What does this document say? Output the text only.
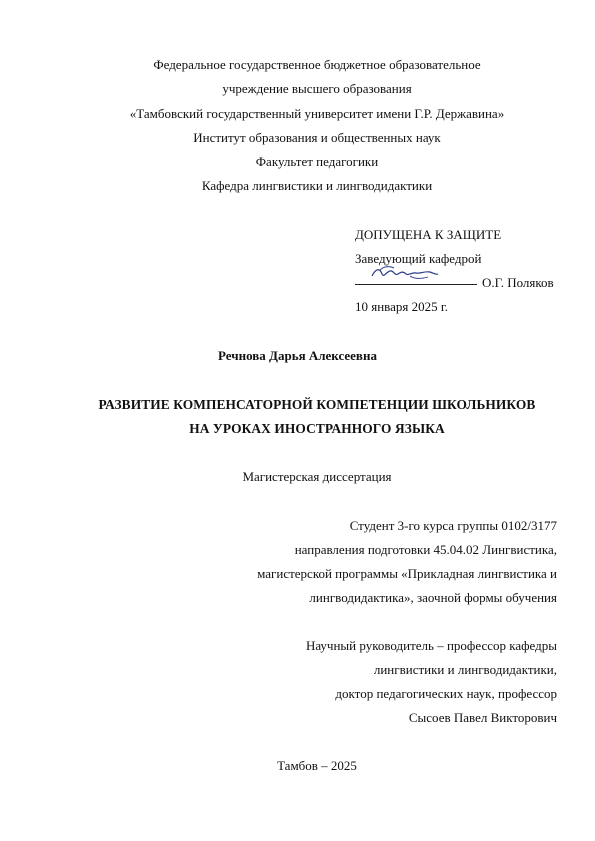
Федеральное государственное бюджетное образовательное
учреждение высшего образования
«Тамбовский государственный университет имени Г.Р. Державина»
Институт образования и общественных наук
Факультет педагогики
Кафедра лингвистики и лингводидактики
ДОПУЩЕНА К ЗАЩИТЕ
Заведующий кафедрой
О.Г. Поляков
10 января 2025 г.
Речнова Дарья Алексеевна
РАЗВИТИЕ КОМПЕНСАТОРНОЙ КОМПЕТЕНЦИИ ШКОЛЬНИКОВ
НА УРОКАХ ИНОСТРАННОГО ЯЗЫКА
Магистерская диссертация
Студент 3-го курса группы 0102/3177
направления подготовки 45.04.02 Лингвистика,
магистерской программы «Прикладная лингвистика и
лингводидактика», заочной формы обучения
Научный руководитель – профессор кафедры
лингвистики и лингводидактики,
доктор педагогических наук, профессор
Сысоев Павел Викторович
Тамбов – 2025
